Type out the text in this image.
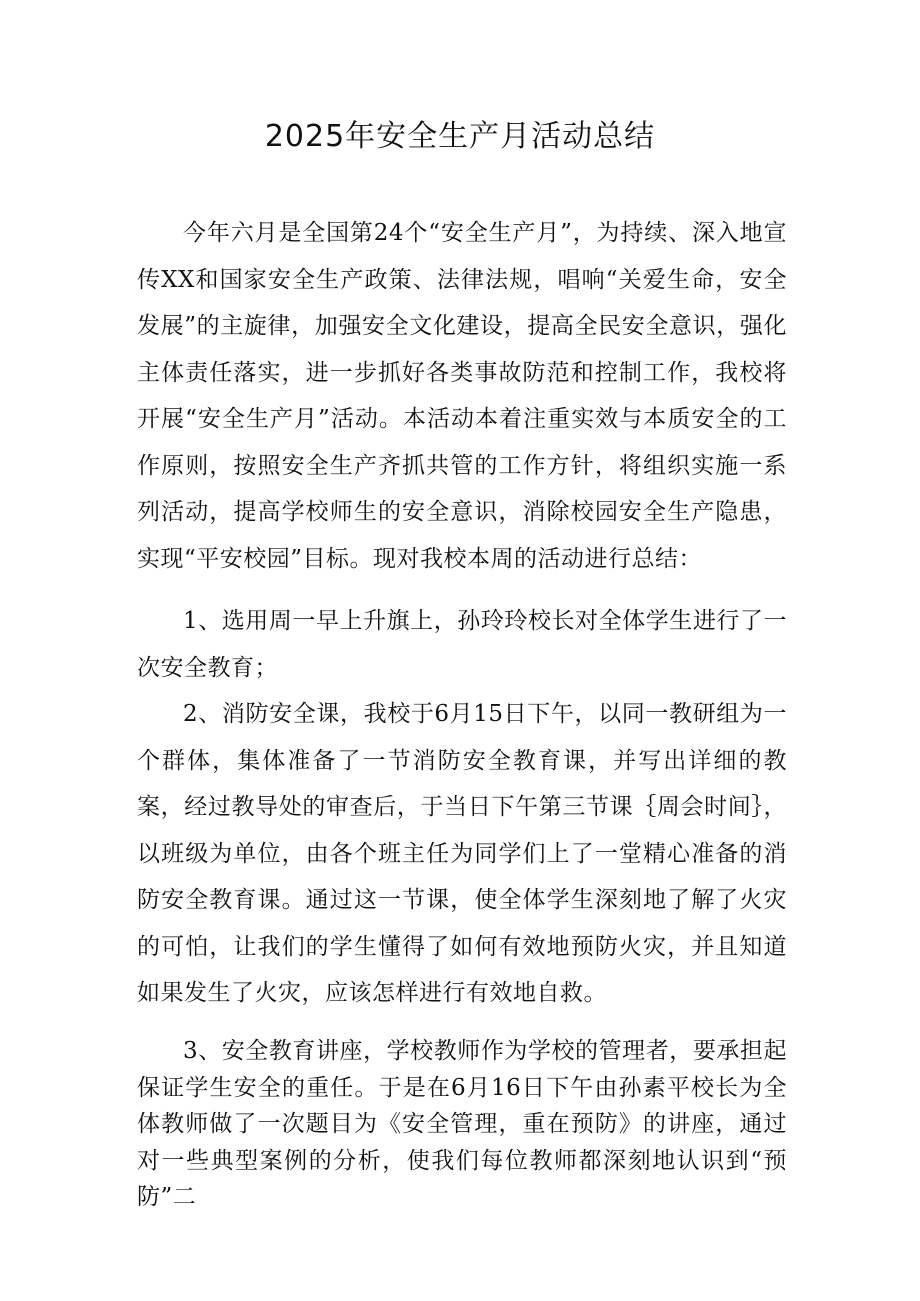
2025年安全生产月活动总结

今年六月是全国第24个“安全生产月”，为持续、深入地宣传XX和国家安全生产政策、法律法规，唱响“关爱生命，安全发展”的主旋律，加强安全文化建设，提高全民安全意识，强化主体责任落实，进一步抓好各类事故防范和控制工作，我校将开展“安全生产月”活动。本活动本着注重实效与本质安全的工作原则，按照安全生产齐抓共管的工作方针，将组织实施一系列活动，提高学校师生的安全意识，消除校园安全生产隐患，实现“平安校园”目标。现对我校本周的活动进行总结：

1、选用周一早上升旗上，孙玲玲校长对全体学生进行了一次安全教育；

2、消防安全课，我校于6月15日下午，以同一教研组为一个群体，集体准备了一节消防安全教育课，并写出详细的教案，经过教导处的审查后，于当日下午第三节课｛周会时间｝，以班级为单位，由各个班主任为同学们上了一堂精心准备的消防安全教育课。通过这一节课，使全体学生深刻地了解了火灾的可怕，让我们的学生懂得了如何有效地预防火灾，并且知道如果发生了火灾，应该怎样进行有效地自救。

3、安全教育讲座，学校教师作为学校的管理者，要承担起保证学生安全的重任。于是在6月16日下午由孙素平校长为全体教师做了一次题目为《安全管理，重在预防》的讲座，通过对一些典型案例的分析，使我们每位教师都深刻地认识到“预防”二
